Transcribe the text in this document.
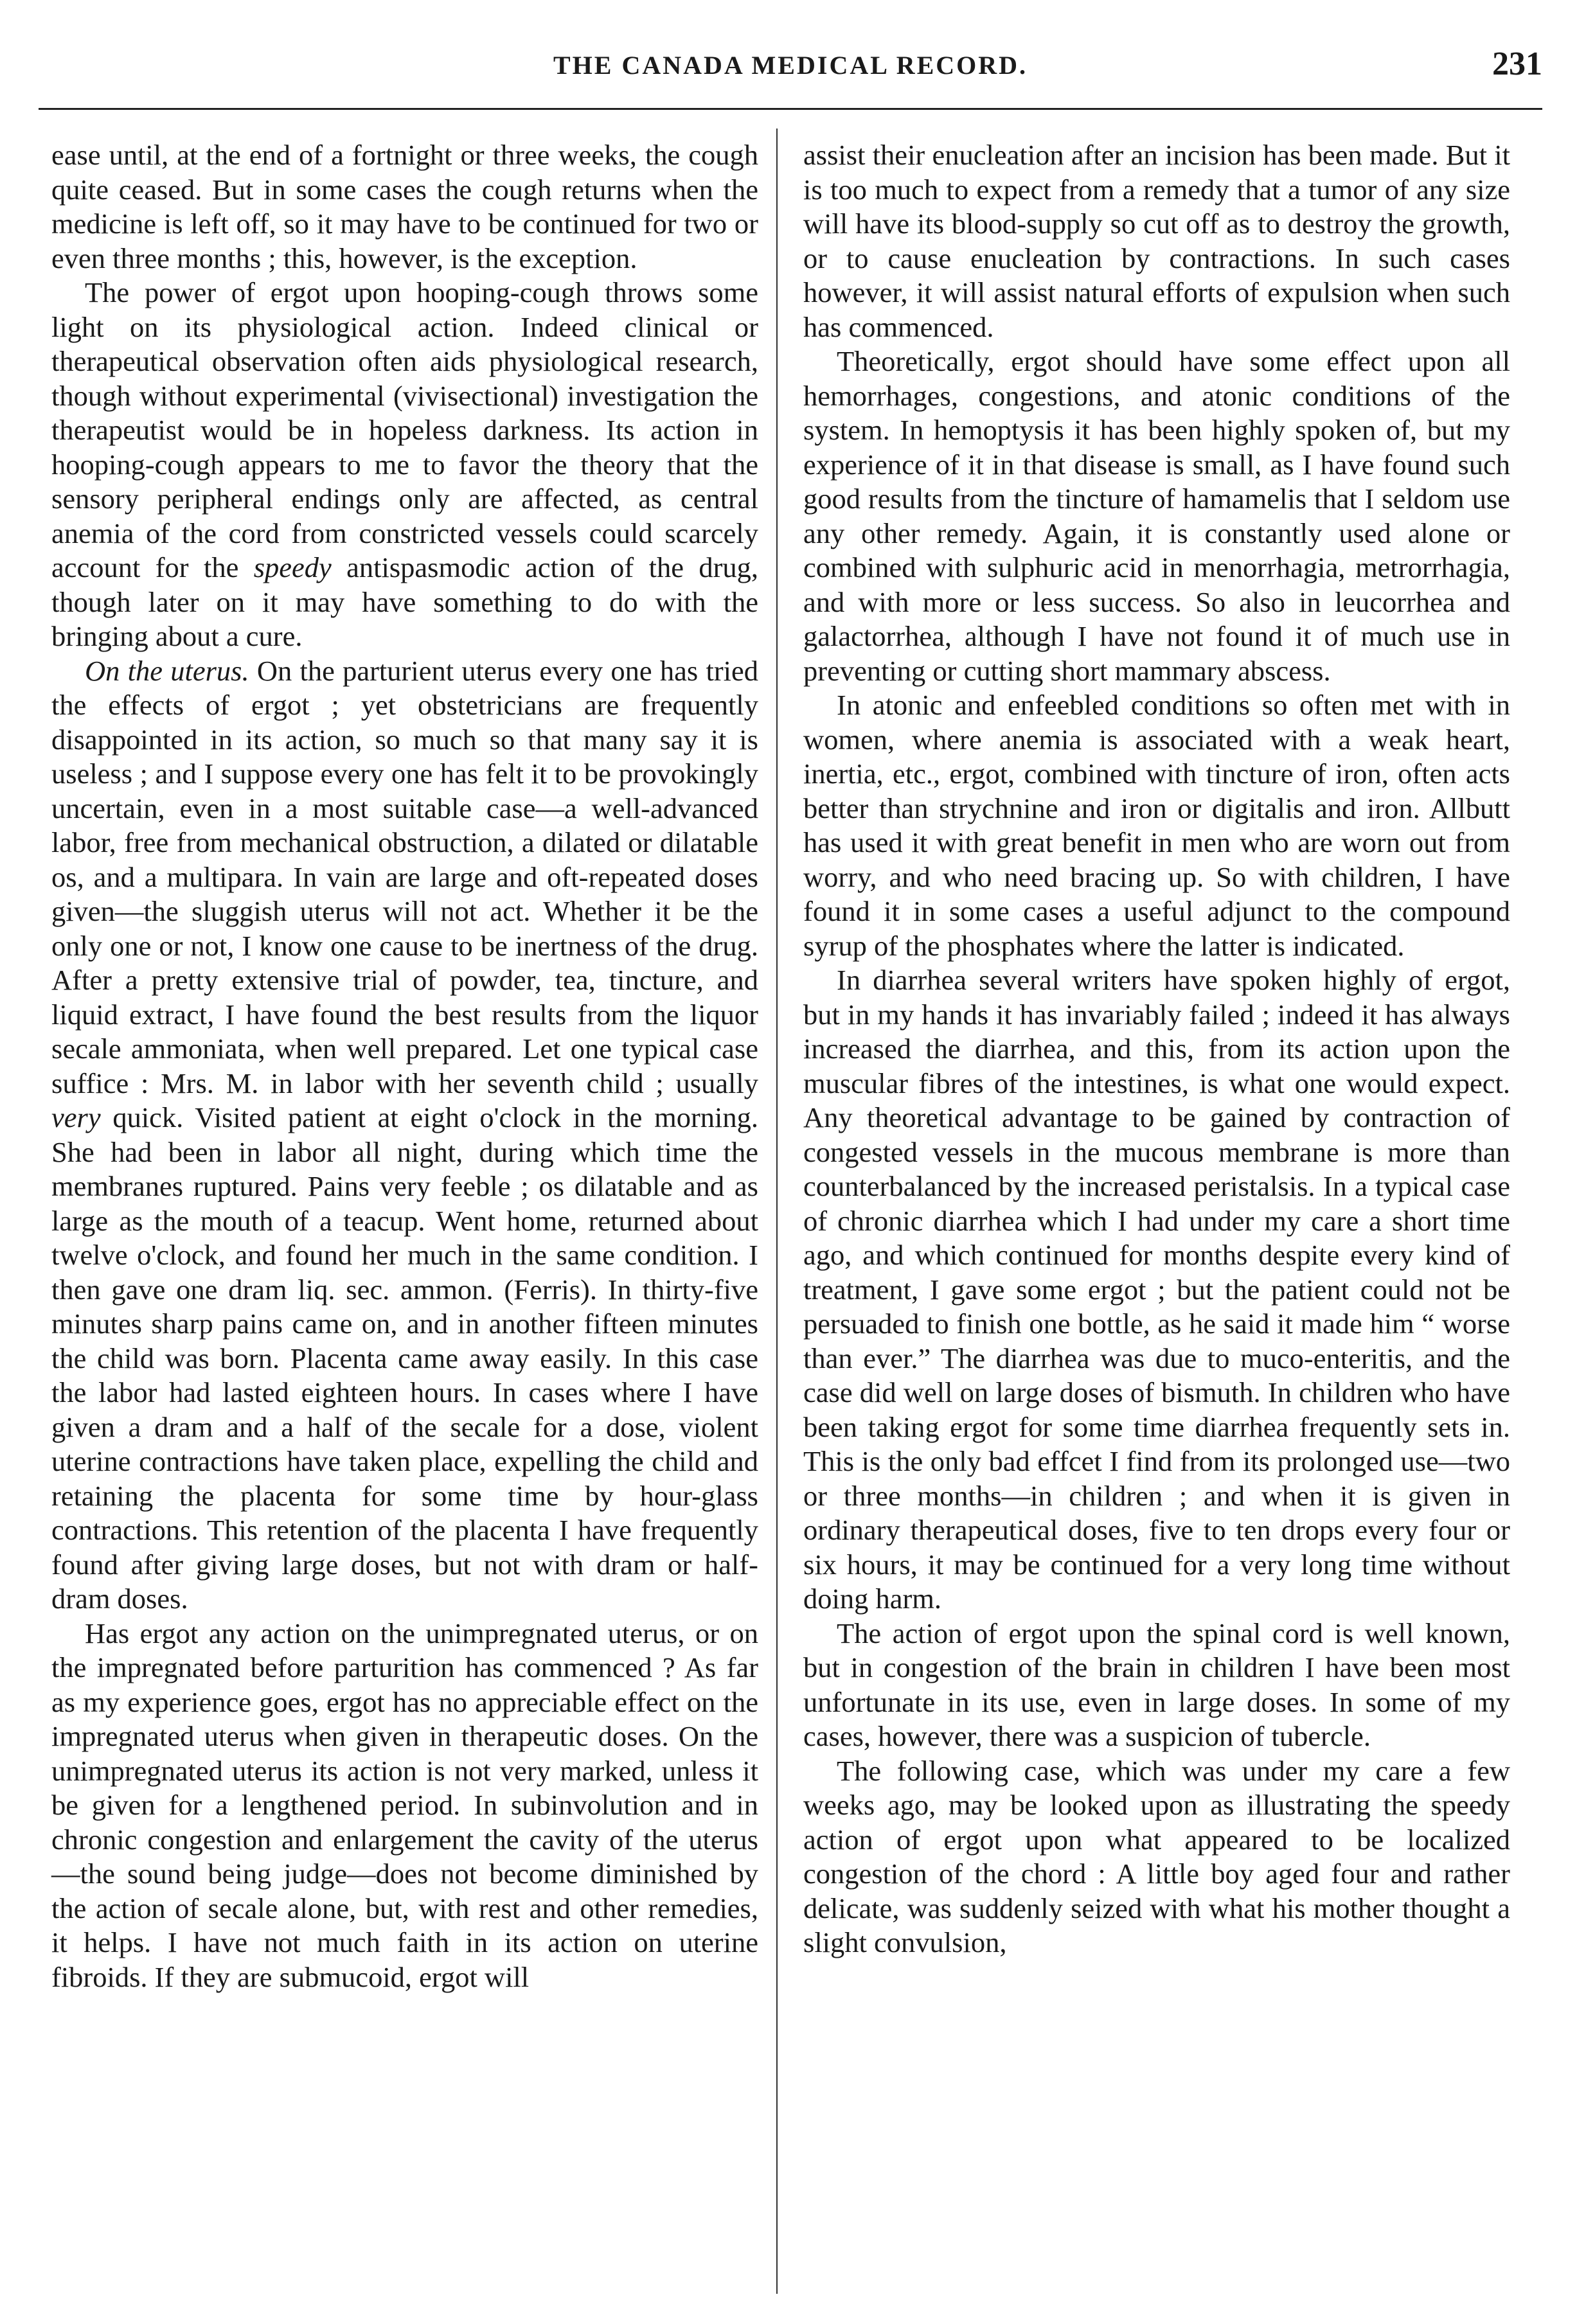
THE CANADA MEDICAL RECORD.	231

ease until, at the end of a fortnight or three weeks, the cough quite ceased. But in some cases the cough returns when the medicine is left off, so it may have to be continued for two or even three months ; this, however, is the exception.

The power of ergot upon hooping-cough throws some light on its physiological action. Indeed clinical or therapeutical observation often aids physiological research, though without experimental (vivisectional) investigation the therapeutist would be in hopeless darkness. Its action in hooping-cough appears to me to favor the theory that the sensory peripheral endings only are affected, as central anemia of the cord from constricted vessels could scarcely account for the speedy antispasmodic action of the drug, though later on it may have something to do with the bringing about a cure.

On the uterus. On the parturient uterus every one has tried the effects of ergot ; yet obstetricians are frequently disappointed in its action, so much so that many say it is useless ; and I suppose every one has felt it to be provokingly uncertain, even in a most suitable case—a well-advanced labor, free from mechanical obstruction, a dilated or dilatable os, and a multipara. In vain are large and oft-repeated doses given—the sluggish uterus will not act. Whether it be the only one or not, I know one cause to be inertness of the drug. After a pretty extensive trial of powder, tea, tincture, and liquid extract, I have found the best results from the liquor secale ammoniata, when well prepared. Let one typical case suffice : Mrs. M. in labor with her seventh child ; usually very quick. Visited patient at eight o'clock in the morning. She had been in labor all night, during which time the membranes ruptured. Pains very feeble ; os dilatable and as large as the mouth of a teacup. Went home, returned about twelve o'clock, and found her much in the same condition. I then gave one dram liq. sec. ammon. (Ferris). In thirty-five minutes sharp pains came on, and in another fifteen minutes the child was born. Placenta came away easily. In this case the labor had lasted eighteen hours. In cases where I have given a dram and a half of the secale for a dose, violent uterine contractions have taken place, expelling the child and retaining the placenta for some time by hour-glass contractions. This retention of the placenta I have frequently found after giving large doses, but not with dram or half-dram doses.

Has ergot any action on the unimpregnated uterus, or on the impregnated before parturition has commenced ? As far as my experience goes, ergot has no appreciable effect on the impregnated uterus when given in therapeutic doses. On the unimpregnated uterus its action is not very marked, unless it be given for a lengthened period. In subinvolution and in chronic congestion and enlargement the cavity of the uterus—the sound being judge—does not become diminished by the action of secale alone, but, with rest and other remedies, it helps. I have not much faith in its action on uterine fibroids. If they are submucoid, ergot will

assist their enucleation after an incision has been made. But it is too much to expect from a remedy that a tumor of any size will have its blood-supply so cut off as to destroy the growth, or to cause enucleation by contractions. In such cases however, it will assist natural efforts of expulsion when such has commenced.

Theoretically, ergot should have some effect upon all hemorrhages, congestions, and atonic conditions of the system. In hemoptysis it has been highly spoken of, but my experience of it in that disease is small, as I have found such good results from the tincture of hamamelis that I seldom use any other remedy. Again, it is constantly used alone or combined with sulphuric acid in menorrhagia, metrorrhagia, and with more or less success. So also in leucorrhea and galactorrhea, although I have not found it of much use in preventing or cutting short mammary abscess.

In atonic and enfeebled conditions so often met with in women, where anemia is associated with a weak heart, inertia, etc., ergot, combined with tincture of iron, often acts better than strychnine and iron or digitalis and iron. Allbutt has used it with great benefit in men who are worn out from worry, and who need bracing up. So with children, I have found it in some cases a useful adjunct to the compound syrup of the phosphates where the latter is indicated.

In diarrhea several writers have spoken highly of ergot, but in my hands it has invariably failed ; indeed it has always increased the diarrhea, and this, from its action upon the muscular fibres of the intestines, is what one would expect. Any theoretical advantage to be gained by contraction of congested vessels in the mucous membrane is more than counterbalanced by the increased peristalsis. In a typical case of chronic diarrhea which I had under my care a short time ago, and which continued for months despite every kind of treatment, I gave some ergot ; but the patient could not be persuaded to finish one bottle, as he said it made him “ worse than ever.” The diarrhea was due to muco-enteritis, and the case did well on large doses of bismuth. In children who have been taking ergot for some time diarrhea frequently sets in. This is the only bad effcet I find from its prolonged use—two or three months—in children ; and when it is given in ordinary therapeutical doses, five to ten drops every four or six hours, it may be continued for a very long time without doing harm.

The action of ergot upon the spinal cord is well known, but in congestion of the brain in children I have been most unfortunate in its use, even in large doses. In some of my cases, however, there was a suspicion of tubercle.

The following case, which was under my care a few weeks ago, may be looked upon as illustrating the speedy action of ergot upon what appeared to be localized congestion of the chord : A little boy aged four and rather delicate, was suddenly seized with what his mother thought a slight convulsion,
